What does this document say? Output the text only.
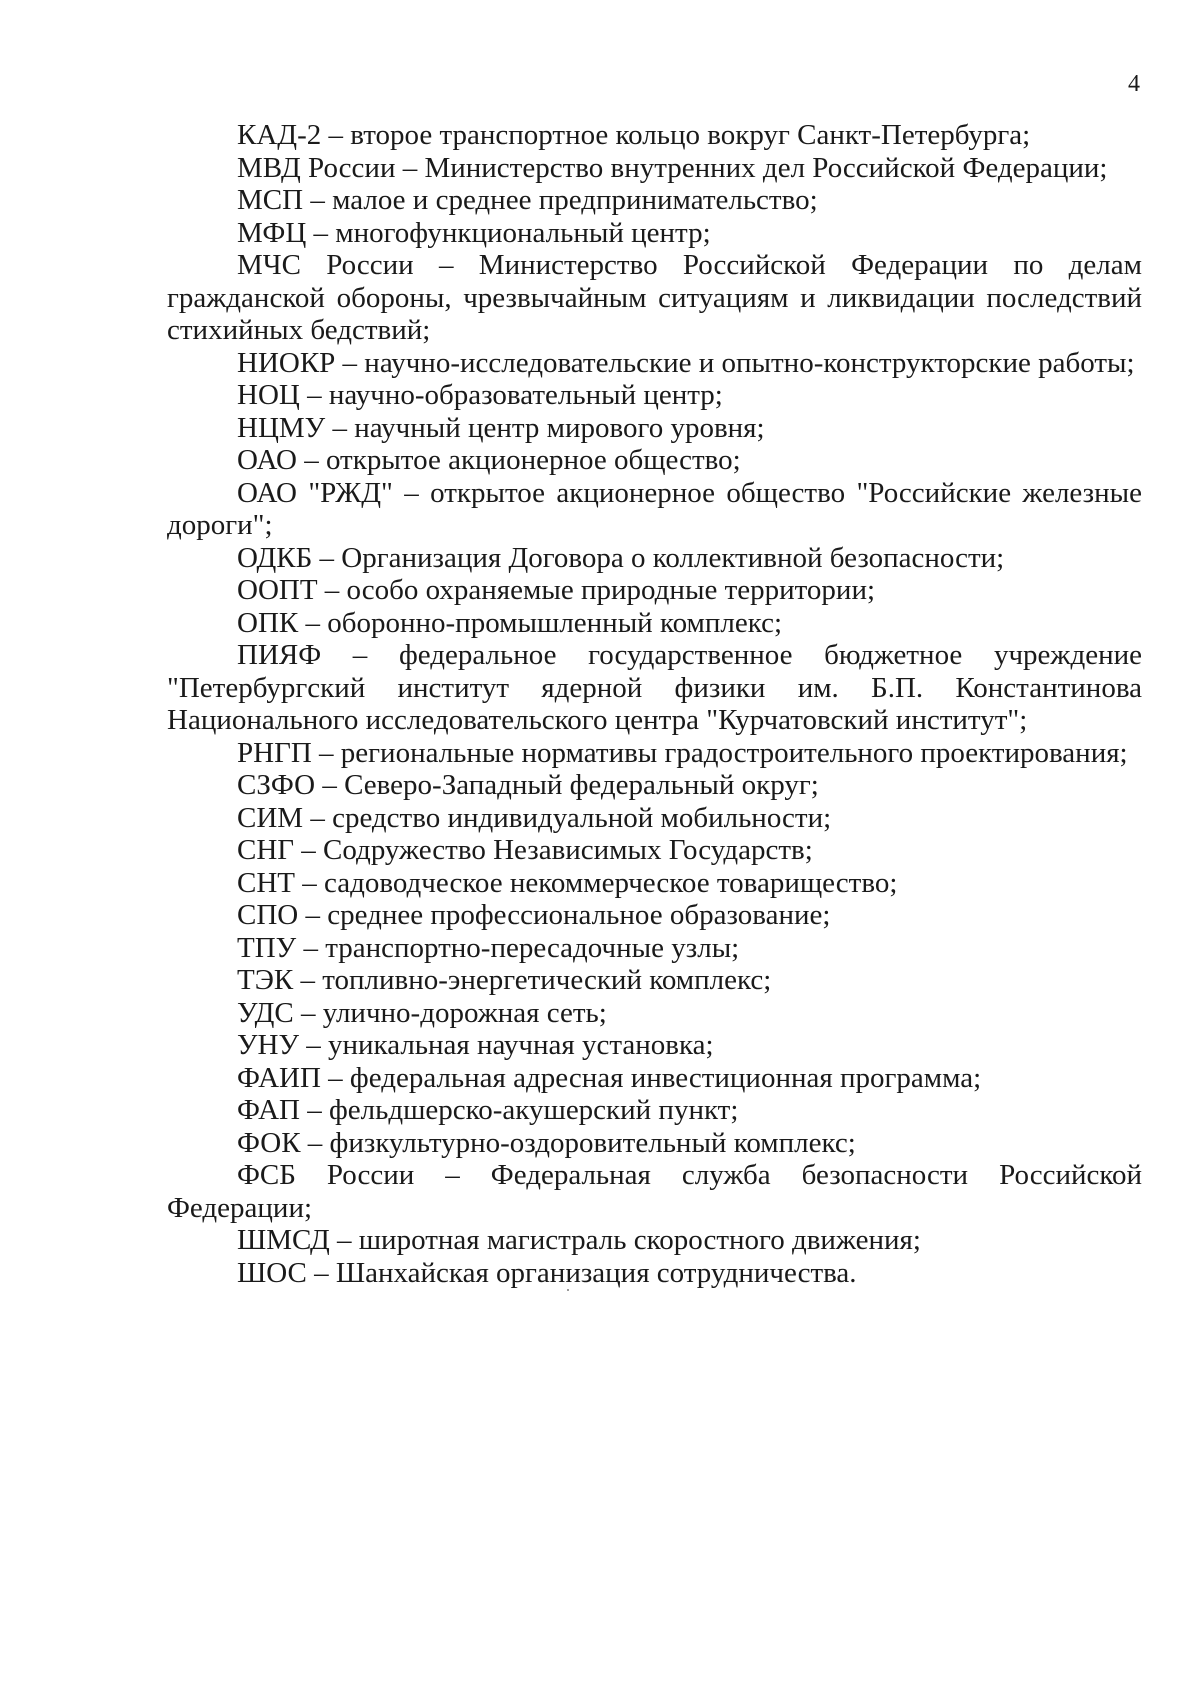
4

КАД-2 – второе транспортное кольцо вокруг Санкт-Петербурга;

МВД России – Министерство внутренних дел Российской Федерации;

МСП – малое и среднее предпринимательство;

МФЦ – многофункциональный центр;

МЧС России – Министерство Российской Федерации по делам гражданской обороны, чрезвычайным ситуациям и ликвидации последствий стихийных бедствий;

НИОКР – научно-исследовательские и опытно-конструкторские работы;

НОЦ – научно-образовательный центр;

НЦМУ – научный центр мирового уровня;

ОАО – открытое акционерное общество;

ОАО "РЖД" – открытое акционерное общество "Российские железные дороги";

ОДКБ – Организация Договора о коллективной безопасности;

ООПТ – особо охраняемые природные территории;

ОПК – оборонно-промышленный комплекс;

ПИЯФ – федеральное государственное бюджетное учреждение "Петербургский институт ядерной физики им. Б.П. Константинова Национального исследовательского центра "Курчатовский институт";

РНГП – региональные нормативы градостроительного проектирования;

СЗФО – Северо-Западный федеральный округ;

СИМ – средство индивидуальной мобильности;

СНГ – Содружество Независимых Государств;

СНТ – садоводческое некоммерческое товарищество;

СПО – среднее профессиональное образование;

ТПУ – транспортно-пересадочные узлы;

ТЭК – топливно-энергетический комплекс;

УДС – улично-дорожная сеть;

УНУ – уникальная научная установка;

ФАИП – федеральная адресная инвестиционная программа;

ФАП – фельдшерско-акушерский пункт;

ФОК – физкультурно-оздоровительный комплекс;

ФСБ России – Федеральная служба безопасности Российской Федерации;

ШМСД – широтная магистраль скоростного движения;

ШОС – Шанхайская организация сотрудничества.
